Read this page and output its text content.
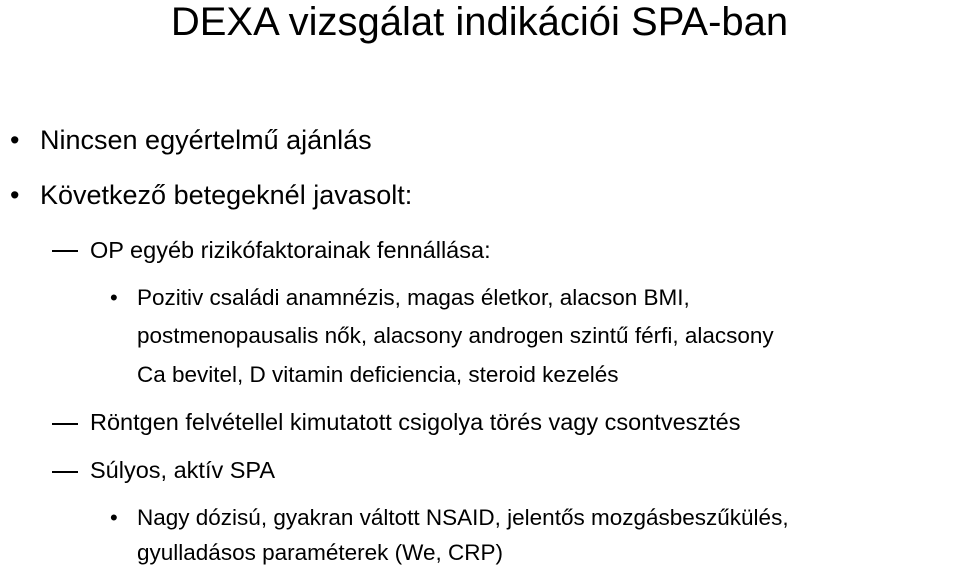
DEXA vizsgálat indikációi SPA-ban
• Nincsen egyértelmű ajánlás
• Következő betegeknél javasolt:
OP egyéb rizikófaktorainak fennállása:
• Pozitiv családi anamnézis, magas életkor, alacson BMI,
postmenopausalis nők, alacsony androgen szintű férfi, alacsony
Ca bevitel, D vitamin deficiencia, steroid kezelés
Röntgen felvétellel kimutatott csigolya törés vagy csontvesztés
Súlyos, aktív SPA
• Nagy dózisú, gyakran váltott NSAID, jelentős mozgásbeszűkülés,
gyulladásos paraméterek (We, CRP)
